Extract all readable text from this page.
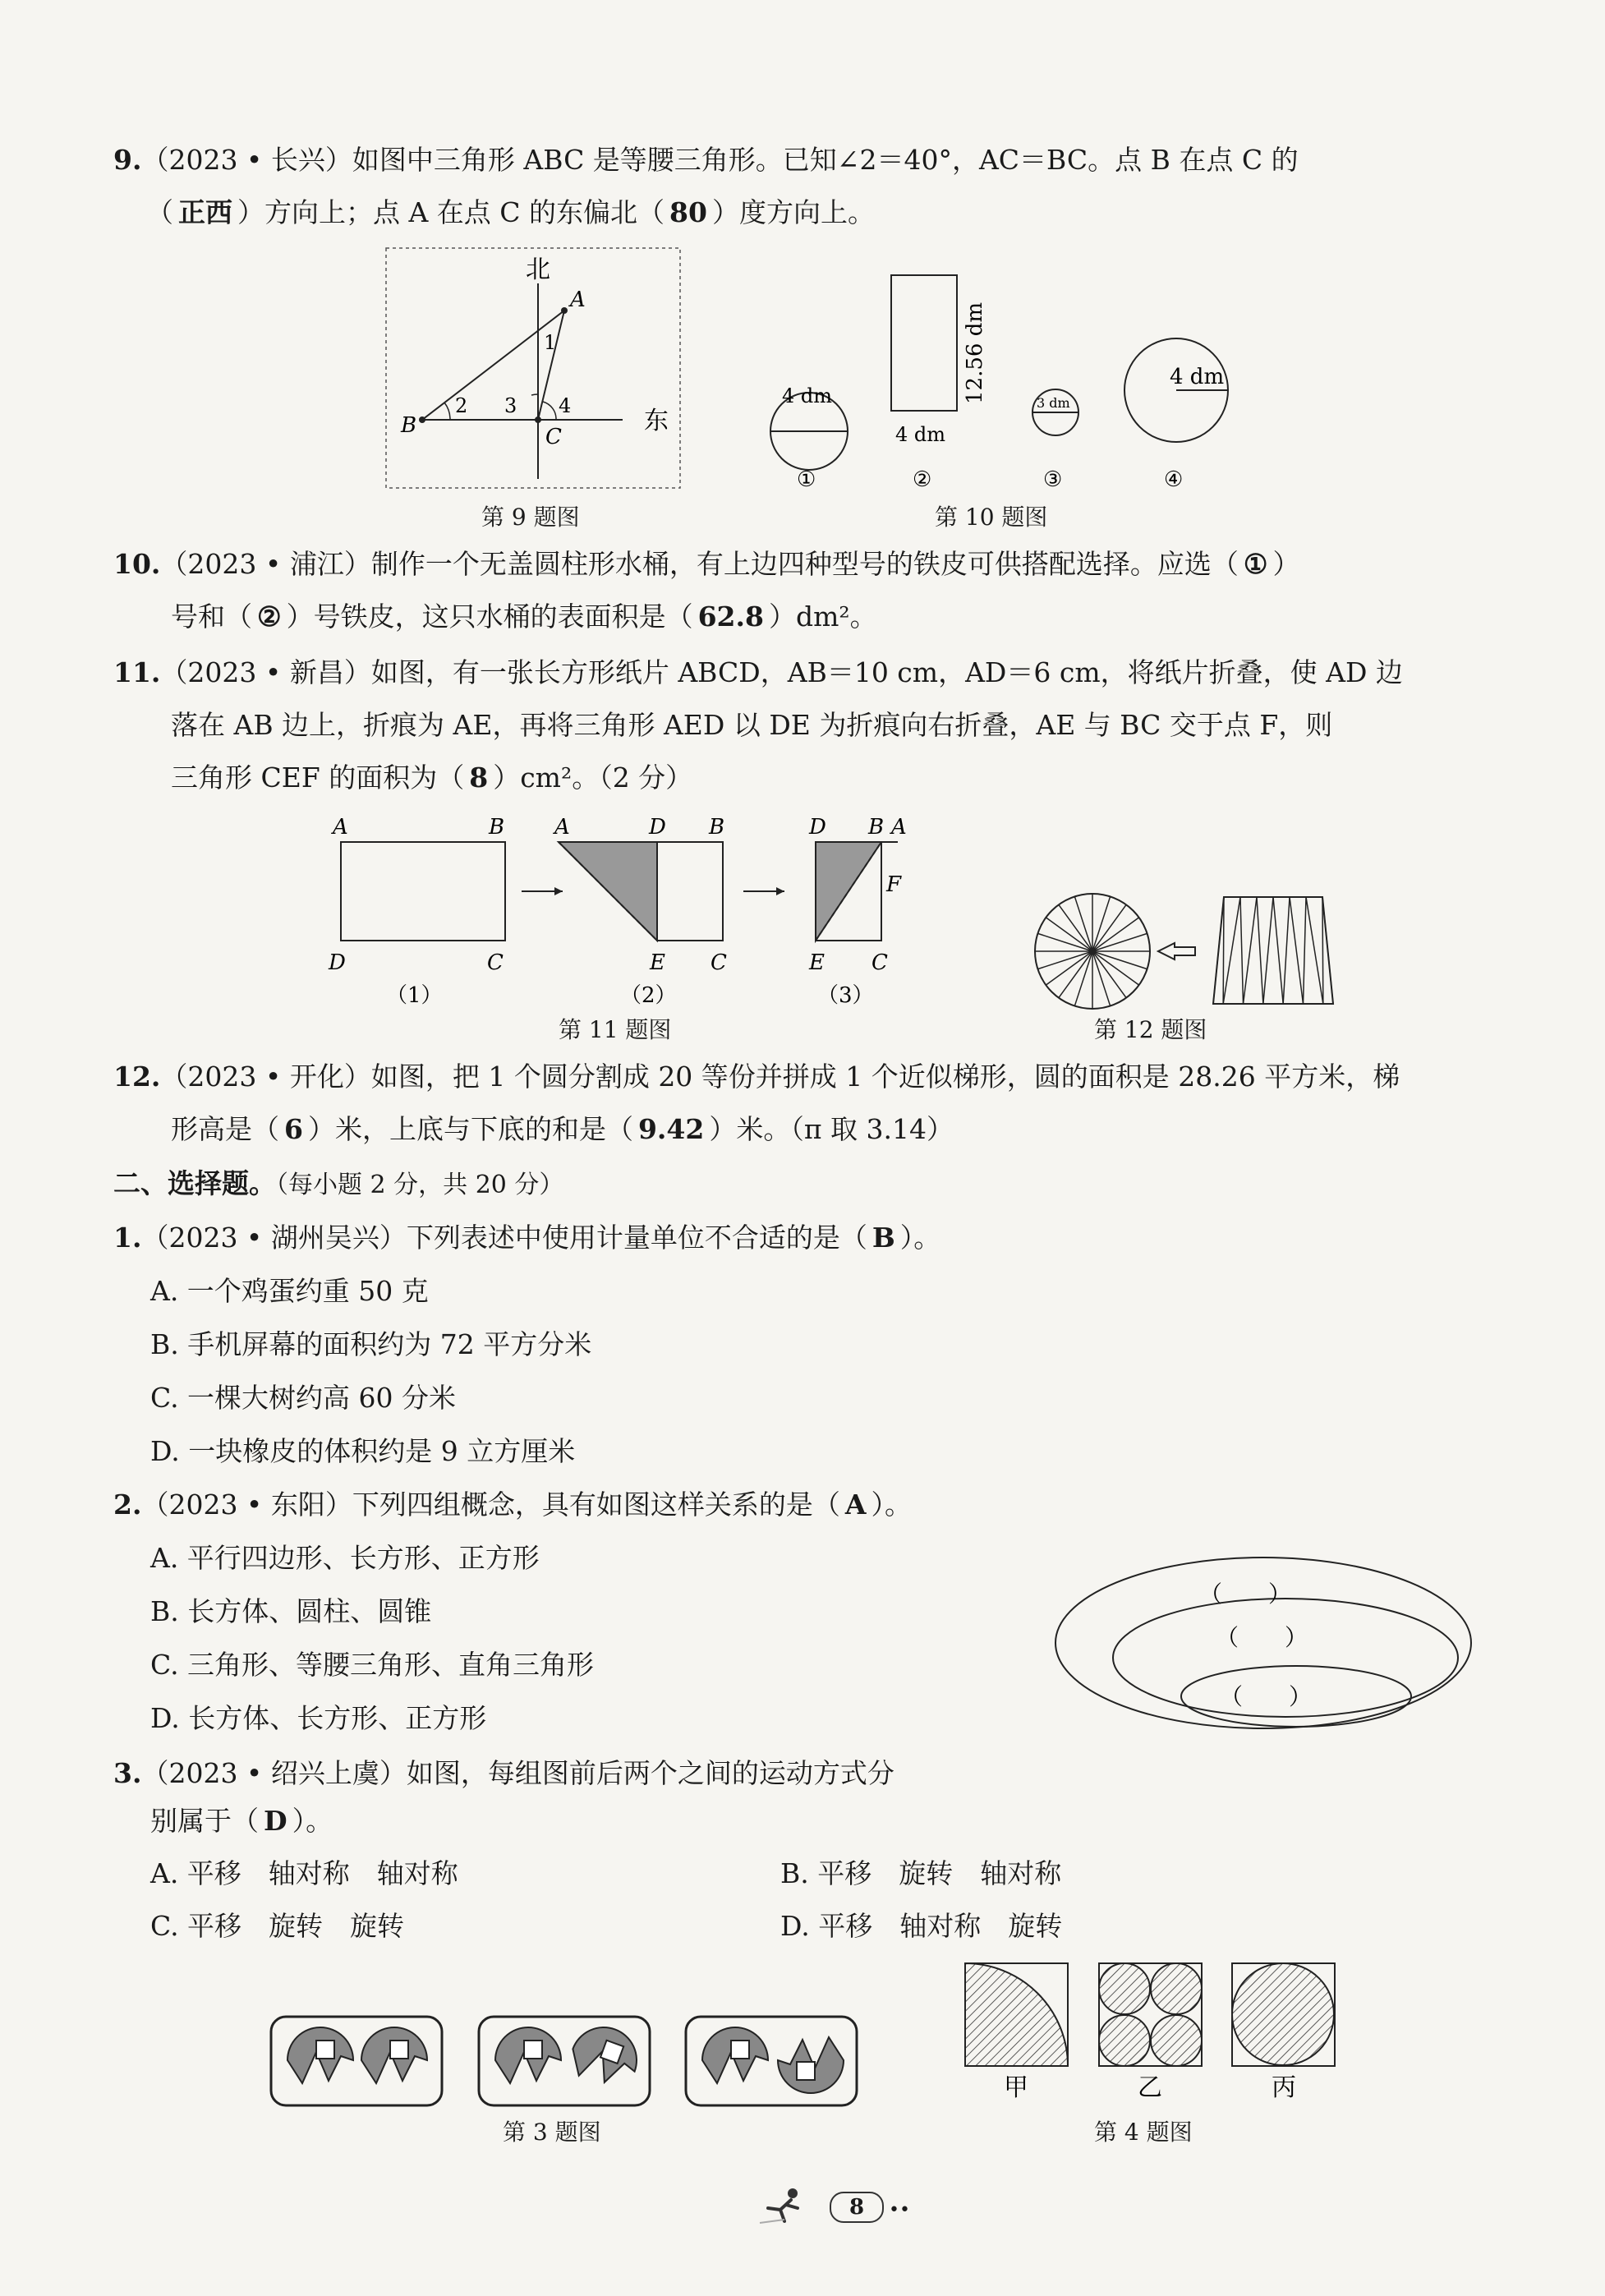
9.（2023 • 长兴）如图中三角形 ABC 是等腰三角形。已知∠2＝40°，AC＝BC。点 B 在点 C 的
（ 正西 ）方向上；点 A 在点 C 的东偏北（ 80 ）度方向上。
北
东
A
B	C
1
2 3 4
第 9 题图
4 dm	12.56 dm
4 dm
3 dm
4 dm
①	②	③	④
第 10 题图
10.（2023 • 浦江）制作一个无盖圆柱形水桶，有上边四种型号的铁皮可供搭配选择。应选（ ① ）
号和（ ② ）号铁皮，这只水桶的表面积是（ 62.8 ）dm²。
11.（2023 • 新昌）如图，有一张长方形纸片 ABCD，AB＝10 cm，AD＝6 cm，将纸片折叠，使 AD 边
落在 AB 边上，折痕为 AE，再将三角形 AED 以 DE 为折痕向右折叠，AE 与 BC 交于点 F，则
三角形 CEF 的面积为（ 8 ）cm²。（2 分）
A	B
D	C
A	D B
E C
D B A
F
E C
（1）	（2）	（3）
第 11 题图	第 12 题图
12.（2023 • 开化）如图，把 1 个圆分割成 20 等份并拼成 1 个近似梯形，圆的面积是 28.26 平方米，梯
形高是（ 6 ）米，上底与下底的和是（ 9.42 ）米。（π 取 3.14）
二、选择题。（每小题 2 分，共 20 分）
1.（2023 • 湖州吴兴）下列表述中使用计量单位不合适的是（ B ）。
A. 一个鸡蛋约重 50 克
B. 手机屏幕的面积约为 72 平方分米
C. 一棵大树约高 60 分米
D. 一块橡皮的体积约是 9 立方厘米
2.（2023 • 东阳）下列四组概念，具有如图这样关系的是（ A ）。
A. 平行四边形、长方形、正方形
B. 长方体、圆柱、圆锥
C. 三角形、等腰三角形、直角三角形
D. 长方体、长方形、正方形
（　　）
（　　）
（　　）
3.（2023 • 绍兴上虞）如图，每组图前后两个之间的运动方式分
别属于（ D ）。
A. 平移　轴对称　轴对称	B. 平移　旋转　轴对称
C. 平移　旋转　旋转	D. 平移　轴对称　旋转
第 3 题图
甲	乙	丙
第 4 题图
8	••
